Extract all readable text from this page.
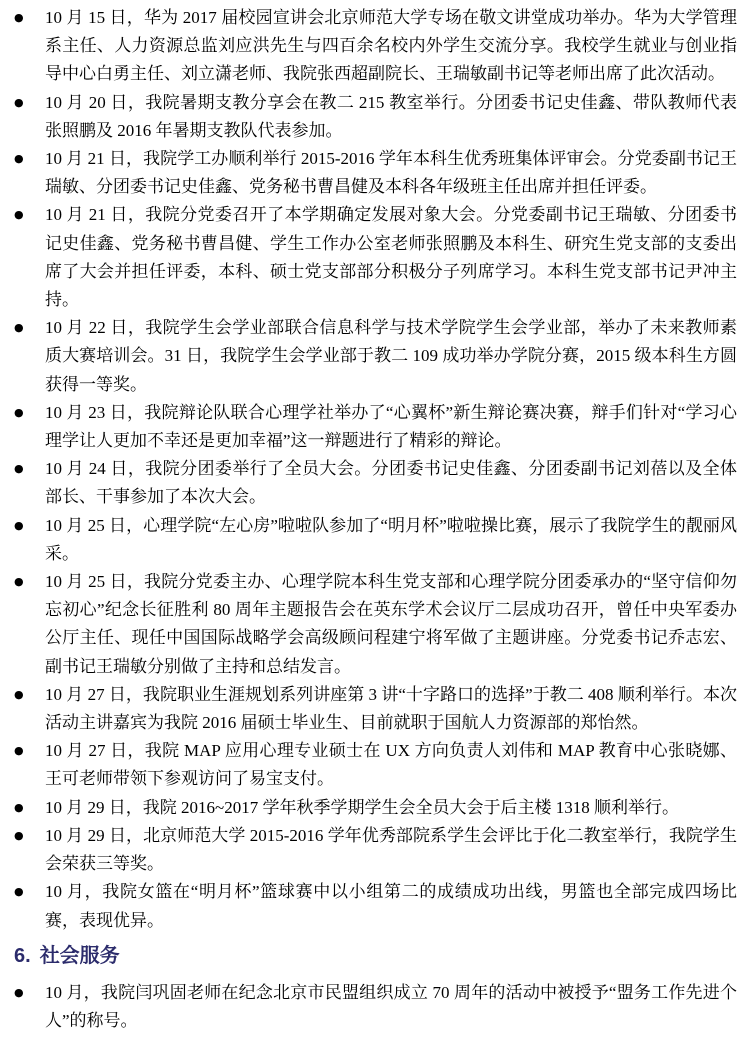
● 10 月 15 日，华为 2017 届校园宣讲会北京师范大学专场在敬文讲堂成功举办。华为大学管理系主任、人力资源总监刘应洪先生与四百余名校内外学生交流分享。我校学生就业与创业指导中心白勇主任、刘立潇老师、我院张西超副院长、王瑞敏副书记等老师出席了此次活动。
● 10 月 20 日，我院暑期支教分享会在教二 215 教室举行。分团委书记史佳鑫、带队教师代表张照鹏及 2016 年暑期支教队代表参加。
● 10 月 21 日，我院学工办顺利举行 2015-2016 学年本科生优秀班集体评审会。分党委副书记王瑞敏、分团委书记史佳鑫、党务秘书曹昌健及本科各年级班主任出席并担任评委。
● 10 月 21 日，我院分党委召开了本学期确定发展对象大会。分党委副书记王瑞敏、分团委书记史佳鑫、党务秘书曹昌健、学生工作办公室老师张照鹏及本科生、研究生党支部的支委出席了大会并担任评委，本科、硕士党支部部分积极分子列席学习。本科生党支部书记尹冲主持。
● 10 月 22 日，我院学生会学业部联合信息科学与技术学院学生会学业部，举办了未来教师素质大赛培训会。31 日，我院学生会学业部于教二 109 成功举办学院分赛，2015 级本科生方圆获得一等奖。
● 10 月 23 日，我院辩论队联合心理学社举办了“心翼杯”新生辩论赛决赛，辩手们针对“学习心理学让人更加不幸还是更加幸福”这一辩题进行了精彩的辩论。
● 10 月 24 日，我院分团委举行了全员大会。分团委书记史佳鑫、分团委副书记刘蓓以及全体部长、干事参加了本次大会。
● 10 月 25 日，心理学院“左心房”啦啦队参加了“明月杯”啦啦操比赛，展示了我院学生的靓丽风采。
● 10 月 25 日，我院分党委主办、心理学院本科生党支部和心理学院分团委承办的“坚守信仰勿忘初心”纪念长征胜利 80 周年主题报告会在英东学术会议厅二层成功召开，曾任中央军委办公厅主任、现任中国国际战略学会高级顾问程建宁将军做了主题讲座。分党委书记乔志宏、副书记王瑞敏分别做了主持和总结发言。
● 10 月 27 日，我院职业生涯规划系列讲座第 3 讲“十字路口的选择”于教二 408 顺利举行。本次活动主讲嘉宾为我院 2016 届硕士毕业生、目前就职于国航人力资源部的郑怡然。
● 10 月 27 日，我院 MAP 应用心理专业硕士在 UX 方向负责人刘伟和 MAP 教育中心张晓娜、王可老师带领下参观访问了易宝支付。
● 10 月 29 日，我院 2016~2017 学年秋季学期学生会全员大会于后主楼 1318 顺利举行。
● 10 月 29 日，北京师范大学 2015-2016 学年优秀部院系学生会评比于化二教室举行，我院学生会荣获三等奖。
● 10 月，我院女篮在“明月杯”篮球赛中以小组第二的成绩成功出线，男篮也全部完成四场比赛，表现优异。
6. 社会服务
● 10 月，我院闫巩固老师在纪念北京市民盟组织成立 70 周年的活动中被授予“盟务工作先进个人”的称号。
